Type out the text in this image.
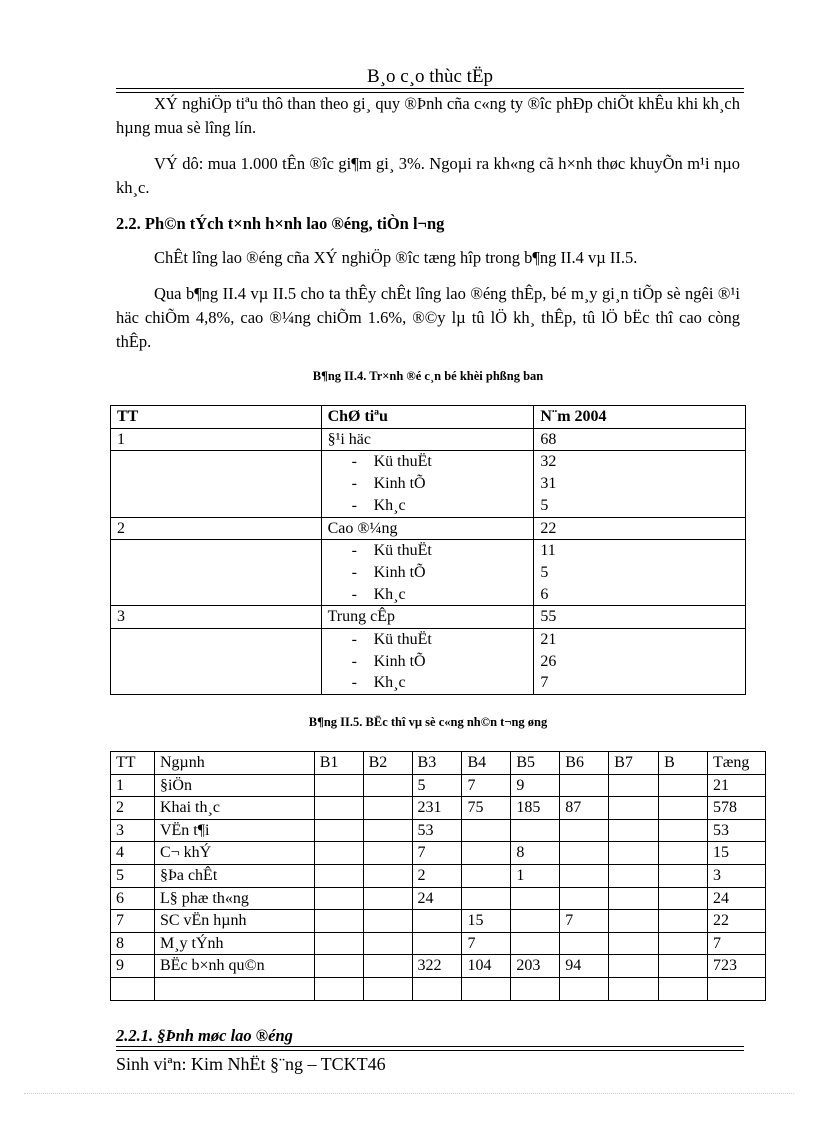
B¸o c¸o thùc tËp
XÝ nghiÖp tiªu thô than theo gi¸ quy ®Þnh cña c«ng ty ®îc phÐp chiÕt khÊu khi kh¸ch hµng mua sè lîng lín.
VÝ dô: mua 1.000 tÊn ®îc gi¶m gi¸ 3%. Ngoµi ra kh«ng cã h×nh thøc khuyÕn m¹i nµo kh¸c.
2.2. Ph©n tÝch t×nh h×nh lao ®éng, tiÒn l¬ng
ChÊt lîng lao ®éng cña XÝ nghiÖp ®îc tæng hîp trong b¶ng II.4 vµ II.5.
Qua b¶ng II.4 vµ II.5 cho ta thÊy chÊt lîng lao ®éng thÊp, bé m¸y gi¸n tiÕp sè ngêi ®¹i häc chiÕm 4,8%, cao ®¼ng chiÕm 1.6%, ®©y lµ tû lÖ kh¸ thÊp, tû lÖ bËc thî cao còng thÊp.
B¶ng II.4. Tr×nh ®é c¸n bé khèi phßng ban
TT	ChØ tiªu	N¨m 2004
1	§¹i häc	68
	- Kü thuËt	32
	- Kinh tÕ	31
	- Kh¸c	5
2	Cao ®¼ng	22
	- Kü thuËt	11
	- Kinh tÕ	5
	- Kh¸c	6
3	Trung cÊp	55
	- Kü thuËt	21
	- Kinh tÕ	26
	- Kh¸c	7
B¶ng II.5. BËc thî vµ sè c«ng nh©n t¬ng øng
TT	Ngµnh	B1	B2	B3	B4	B5	B6	B7	B	Tæng
1	§iÖn			5	7	9				21
2	Khai th¸c			231	75	185	87			578
3	VËn t¶i			53						53
4	C¬ khÝ			7		8				15
5	§Þa chÊt			2		1				3
6	L§ phæ th«ng			24						24
7	SC vËn hµnh				15		7			22
8	M¸y tÝnh				7					7
9	BËc b×nh qu©n			322	104	203	94			723

2.2.1. §Þnh møc lao ®éng
Sinh viªn: Kim NhËt §¨ng – TCKT46
